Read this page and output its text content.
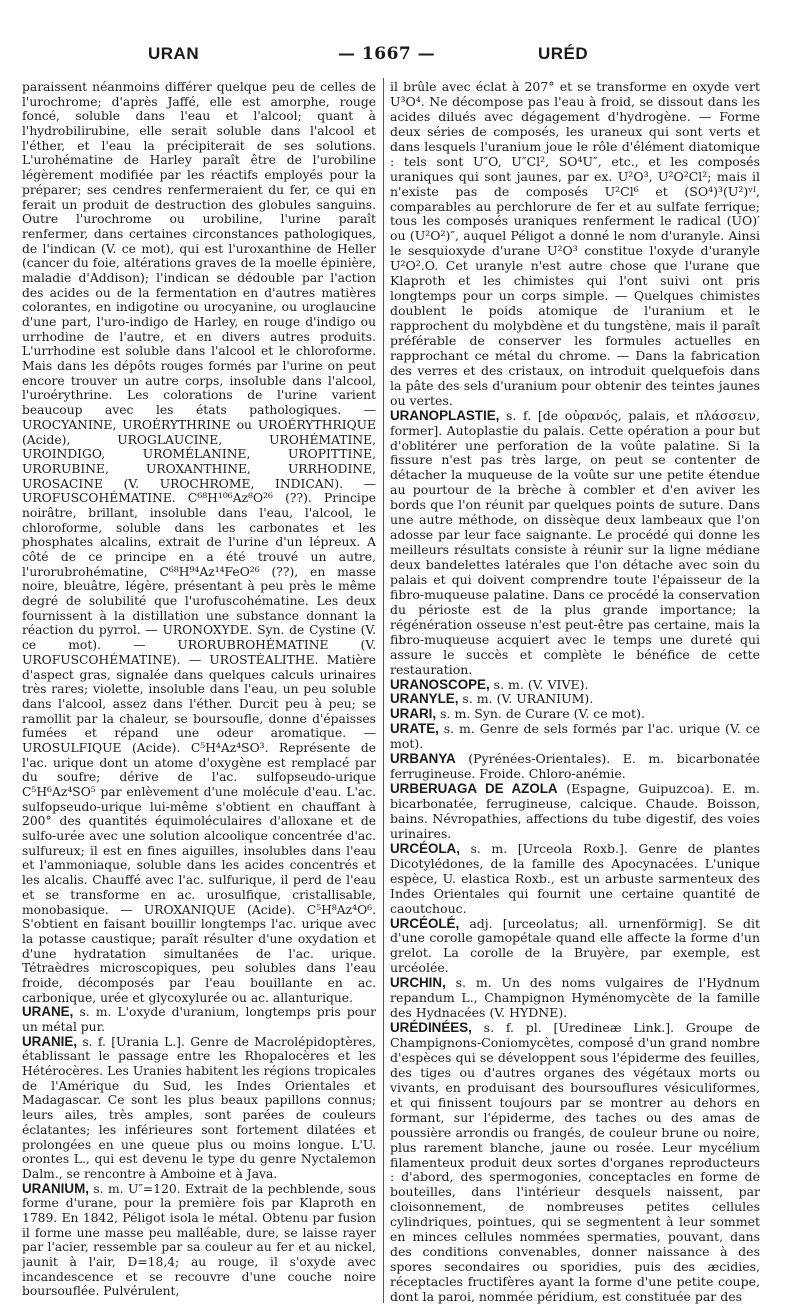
URAN	— 1667 —	URÉD

paraissent néanmoins différer quelque peu de celles de l'urochrome; d'après Jaffé, elle est amorphe, rouge foncé, soluble dans l'eau et l'alcool; quant à l'hydrobilirubine, elle serait soluble dans l'alcool et l'éther, et l'eau la précipiterait de ses solutions. L'urohématine de Harley paraît être de l'urobiline légèrement modifiée par les réactifs employés pour la préparer; ses cendres renfermeraient du fer, ce qui en ferait un produit de destruction des globules sanguins. Outre l'urochrome ou urobiline, l'urine paraît renfermer, dans certaines circonstances pathologiques, de l'indican (V. ce mot), qui est l'uroxanthine de Heller (cancer du foie, altérations graves de la moelle épinière, maladie d'Addison); l'indican se dédouble par l'action des acides ou de la fermentation en d'autres matières colorantes, en indigotine ou urocyanine, ou uroglaucine d'une part, l'uro-indigo de Harley, en rouge d'indigo ou urrhodine de l'autre, et en divers autres produits. L'urrhodine est soluble dans l'alcool et le chloroforme. Mais dans les dépôts rouges formés par l'urine on peut encore trouver un autre corps, insoluble dans l'alcool, l'uroérythrine. Les colorations de l'urine varient beaucoup avec les états pathologiques. — UROCYANINE, UROÉRYTHRINE ou UROÉRYTHRIQUE (Acide), UROGLAUCINE, UROHÉMATINE, UROINDIGO, UROMÉLANINE, UROPITTINE, URORUBINE, UROXANTHINE, URRHODINE, UROSACINE (V. UROCHROME, INDICAN). — UROFUSCOHÉMATINE. C⁶⁸H¹⁰⁶Az⁸O²⁶ (??). Principe noirâtre, brillant, insoluble dans l'eau, l'alcool, le chloroforme, soluble dans les carbonates et les phosphates alcalins, extrait de l'urine d'un lépreux. A côté de ce principe en a été trouvé un autre, l'urorubrohématine, C⁶⁸H⁹⁴Az¹⁴FeO²⁶ (??), en masse noire, bleuâtre, légère, présentant à peu près le même degré de solubilité que l'urofuscohématine. Les deux fournissent à la distillation une substance donnant la réaction du pyrrol. — URONOXYDE. Syn. de Cystine (V. ce mot). — URORUBROHÉMATINE (V. UROFUSCOHÉMATINE). — UROSTÉALITHE. Matière d'aspect gras, signalée dans quelques calculs urinaires très rares; violette, insoluble dans l'eau, un peu soluble dans l'alcool, assez dans l'éther. Durcit peu à peu; se ramollit par la chaleur, se boursoufle, donne d'épaisses fumées et répand une odeur aromatique. — UROSULFIQUE (Acide). C⁵H⁴Az⁴SO³. Représente de l'ac. urique dont un atome d'oxygène est remplacé par du soufre; dérive de l'ac. sulfopseudo-urique C⁵H⁶Az⁴SO⁵ par enlèvement d'une molécule d'eau. L'ac. sulfopseudo-urique lui-même s'obtient en chauffant à 200° des quantités équimoléculaires d'alloxane et de sulfo-urée avec une solution alcoolique concentrée d'ac. sulfureux; il est en fines aiguilles, insolubles dans l'eau et l'ammoniaque, soluble dans les acides concentrés et les alcalis. Chauffé avec l'ac. sulfurique, il perd de l'eau et se transforme en ac. urosulfique, cristallisable, monobasique. — UROXANIQUE (Acide). C⁵H⁸Az⁴O⁶. S'obtient en faisant bouillir longtemps l'ac. urique avec la potasse caustique; paraît résulter d'une oxydation et d'une hydratation simultanées de l'ac. urique. Tétraèdres microscopiques, peu solubles dans l'eau froide, décomposés par l'eau bouillante en ac. carbonique, urée et glycoxylurée ou ac. allanturique.

URANE, s. m. L'oxyde d'uranium, longtemps pris pour un métal pur.

URANIE, s. f. [Urania L.]. Genre de Macrolépidoptères, établissant le passage entre les Rhopalocères et les Hétérocères. Les Uranies habitent les régions tropicales de l'Amérique du Sud, les Indes Orientales et Madagascar. Ce sont les plus beaux papillons connus; leurs ailes, très amples, sont parées de couleurs éclatantes; les inférieures sont fortement dilatées et prolongées en une queue plus ou moins longue. L'U. orontes L., qui est devenu le type du genre Nyctalemon Dalm., se rencontre à Amboine et à Java.

URANIUM, s. m. U″=120. Extrait de la pechblende, sous forme d'urane, pour la première fois par Klaproth en 1789. En 1842, Péligot isola le métal. Obtenu par fusion il forme une masse peu malléable, dure, se laisse rayer par l'acier, ressemble par sa couleur au fer et au nickel, jaunit à l'air, D=18,4; au rouge, il s'oxyde avec incandescence et se recouvre d'une couche noire boursouflée. Pulvérulent,

il brûle avec éclat à 207° et se transforme en oxyde vert U³O⁴. Ne décompose pas l'eau à froid, se dissout dans les acides dilués avec dégagement d'hydrogène. — Forme deux séries de composés, les uraneux qui sont verts et dans lesquels l'uranium joue le rôle d'élément diatomique : tels sont U″O, U″Cl², SO⁴U″, etc., et les composés uraniques qui sont jaunes, par ex. U²O³, U²O²Cl²; mais il n'existe pas de composés U²Cl⁶ et (SO⁴)³(U²)ᵛᴵ, comparables au perchlorure de fer et au sulfate ferrique; tous les composés uraniques renferment le radical (UO)′ ou (U²O²)″, auquel Péligot a donné le nom d'uranyle. Ainsi le sesquioxyde d'urane U²O³ constitue l'oxyde d'uranyle U²O².O. Cet uranyle n'est autre chose que l'urane que Klaproth et les chimistes qui l'ont suivi ont pris longtemps pour un corps simple. — Quelques chimistes doublent le poids atomique de l'uranium et le rapprochent du molybdène et du tungstène, mais il paraît préférable de conserver les formules actuelles en rapprochant ce métal du chrome. — Dans la fabrication des verres et des cristaux, on introduit quelquefois dans la pâte des sels d'uranium pour obtenir des teintes jaunes ou vertes.

URANOPLASTIE, s. f. [de οὐρανός, palais, et πλάσσειν, former]. Autoplastie du palais. Cette opération a pour but d'oblitérer une perforation de la voûte palatine. Si la fissure n'est pas très large, on peut se contenter de détacher la muqueuse de la voûte sur une petite étendue au pourtour de la brèche à combler et d'en aviver les bords que l'on réunit par quelques points de suture. Dans une autre méthode, on dissèque deux lambeaux que l'on adosse par leur face saignante. Le procédé qui donne les meilleurs résultats consiste à réunir sur la ligne médiane deux bandelettes latérales que l'on détache avec soin du palais et qui doivent comprendre toute l'épaisseur de la fibro-muqueuse palatine. Dans ce procédé la conservation du périoste est de la plus grande importance; la régénération osseuse n'est peut-être pas certaine, mais la fibro-muqueuse acquiert avec le temps une dureté qui assure le succès et complète le bénéfice de cette restauration.

URANOSCOPE, s. m. (V. VIVE).

URANYLE, s. m. (V. URANIUM).

URARI, s. m. Syn. de Curare (V. ce mot).

URATE, s. m. Genre de sels formés par l'ac. urique (V. ce mot).

URBANYA (Pyrénées-Orientales). E. m. bicarbonatée ferrugineuse. Froide. Chloro-anémie.

URBERUAGA DE AZOLA (Espagne, Guipuzcoa). E. m. bicarbonatée, ferrugineuse, calcique. Chaude. Boisson, bains. Névropathies, affections du tube digestif, des voies urinaires.

URCÉOLA, s. m. [Urceola Roxb.]. Genre de plantes Dicotylédones, de la famille des Apocynacées. L'unique espèce, U. elastica Roxb., est un arbuste sarmenteux des Indes Orientales qui fournit une certaine quantité de caoutchouc.

URCÉOLÉ, adj. [urceolatus; all. urnenförmig]. Se dit d'une corolle gamopétale quand elle affecte la forme d'un grelot. La corolle de la Bruyère, par exemple, est urcéolée.

URCHIN, s. m. Un des noms vulgaires de l'Hydnum repandum L., Champignon Hyménomycète de la famille des Hydnacées (V. HYDNE).

URÉDINÉES, s. f. pl. [Uredineæ Link.]. Groupe de Champignons-Coniomycètes, composé d'un grand nombre d'espèces qui se développent sous l'épiderme des feuilles, des tiges ou d'autres organes des végétaux morts ou vivants, en produisant des boursouflures vésiculiformes, et qui finissent toujours par se montrer au dehors en formant, sur l'épiderme, des taches ou des amas de poussière arrondis ou frangés, de couleur brune ou noire, plus rarement blanche, jaune ou rosée. Leur mycélium filamenteux produit deux sortes d'organes reproducteurs : d'abord, des spermogonies, conceptacles en forme de bouteilles, dans l'intérieur desquels naissent, par cloisonnement, de nombreuses petites cellules cylindriques, pointues, qui se segmentent à leur sommet en minces cellules nommées spermaties, pouvant, dans des conditions convenables, donner naissance à des spores secondaires ou sporidies, puis des æcidies, réceptacles fructifères ayant la forme d'une petite coupe, dont la paroi, nommée péridium, est constituée par des
